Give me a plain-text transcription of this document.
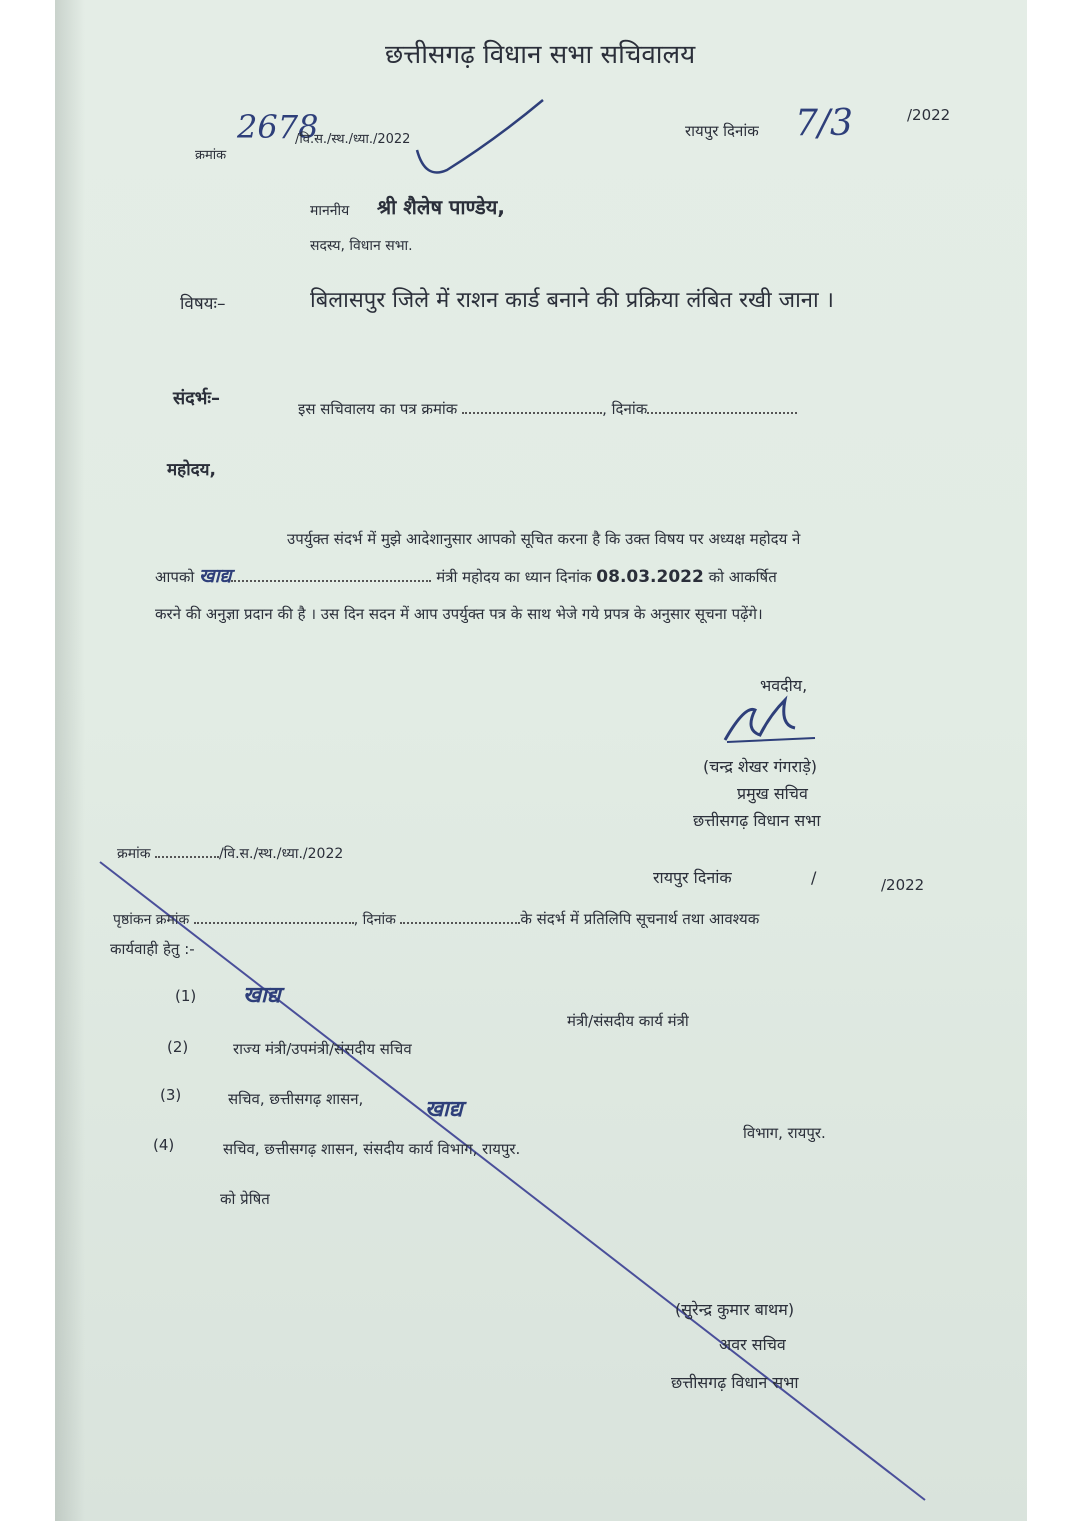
छत्तीसगढ़ विधान सभा सचिवालय
क्रमांक
2678
/वि.स./स्थ./ध्या./2022	रायपुर दिनांक 7/3	/2022
माननीय श्री शैलेष पाण्डेय,
सदस्य, विधान सभा.
विषयः–	बिलासपुर जिले में राशन कार्ड बनाने की प्रक्रिया लंबित रखी जाना ।
संदर्भः–	इस सचिवालय का पत्र क्रमांक	, दिनांक
महोदय,
उपर्युक्त संदर्भ में मुझे आदेशानुसार आपको सूचित करना है कि उक्त विषय पर अध्यक्ष महोदय ने
आपको खाद्य	मंत्री महोदय का ध्यान दिनांक 08.03.2022 को आकर्षित
करने की अनुज्ञा प्रदान की है । उस दिन सदन में आप उपर्युक्त पत्र के साथ भेजे गये प्रपत्र के अनुसार सूचना पढ़ेंगे।
भवदीय,
(चन्द्र शेखर गंगराड़े)
प्रमुख सचिव
छत्तीसगढ़ विधान सभा
क्रमांक	/वि.स./स्थ./ध्या./2022
रायपुर दिनांक	/	/2022
पृष्ठांकन क्रमांक	, दिनांक	के संदर्भ में प्रतिलिपि सूचनार्थ तथा आवश्यक
कार्यवाही हेतु :-
(1) खाद्य
मंत्री/संसदीय कार्य मंत्री
(2)	राज्य मंत्री/उपमंत्री/संसदीय सचिव
(3)	सचिव, छत्तीसगढ़ शासन,	खाद्य
विभाग, रायपुर.
(4)	सचिव, छत्तीसगढ़ शासन, संसदीय कार्य विभाग, रायपुर.
को प्रेषित
(सुरेन्द्र कुमार बाथम)
अवर सचिव
छत्तीसगढ़ विधान सभा
